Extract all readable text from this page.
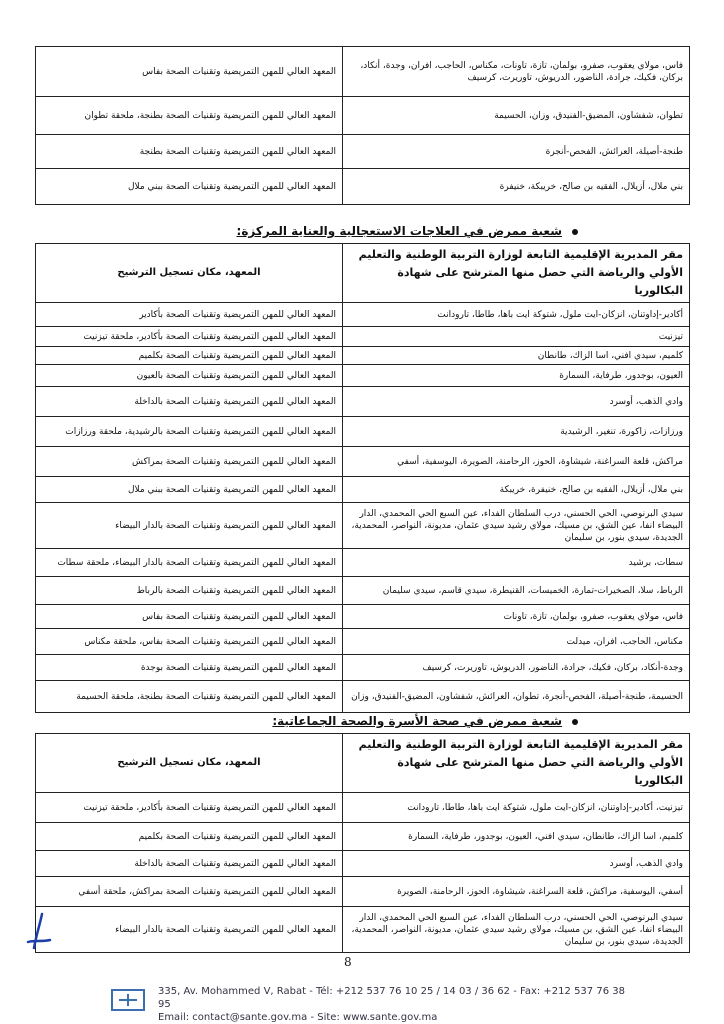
فاس، مولاي يعقوب، صفرو، بولمان، تازة، تاونات، مكناس، الحاجب، افران، وجدة، أنكاد، بركان، فكيك، جرادة، الناضور، الدريوش، تاوريرت، كرسيف	المعهد العالي للمهن التمريضية وتقنيات الصحة بفاس
تطوان، شفشاون، المضيق-الفنيدق، وزان، الحسيمة	المعهد العالي للمهن التمريضية وتقنيات الصحة بطنجة، ملحقة تطوان
طنجة-أصيلة، العرائش، الفحص-أنجرة	المعهد العالي للمهن التمريضية وتقنيات الصحة بطنجة
بني ملال، أزيلال، الفقيه بن صالح، خريبكة، خنيفرة	المعهد العالي للمهن التمريضية وتقنيات الصحة ببني ملال
شعبة ممرض في العلاجات الاستعجالية والعناية المركزة:
مقر المديرية الإقليمية التابعة لوزارة التربية الوطنية والتعليم الأولي والرياضة التي حصل منها المترشح على شهادة البكالوريا	المعهد، مكان تسجيل الترشيح
أكادير-إداوتنان، انزكان-ايت ملول، شتوكة ايت باها، طاطا، تارودانت	المعهد العالي للمهن التمريضية وتقنيات الصحة بأكادير
تيزنيت	المعهد العالي للمهن التمريضية وتقنيات الصحة بأكادير، ملحقة تيزنيت
كلميم، سيدي افني، اسا الزاك، طانطان	المعهد العالي للمهن التمريضية وتقنيات الصحة بكلميم
العيون، بوجدور، طرفاية، السمارة	المعهد العالي للمهن التمريضية وتقنيات الصحة بالعيون
وادي الذهب، أوسرد	المعهد العالي للمهن التمريضية وتقنيات الصحة بالداخلة
ورزازات، زاكورة، تنغير، الرشيدية	المعهد العالي للمهن التمريضية وتقنيات الصحة بالرشيدية، ملحقة ورزازات
مراكش، قلعة السراغنة، شيشاوة، الحوز، الرحامنة، الصويرة، اليوسفية، أسفي	المعهد العالي للمهن التمريضية وتقنيات الصحة بمراكش
بني ملال، أزيلال، الفقيه بن صالح، خنيفرة، خريبكة	المعهد العالي للمهن التمريضية وتقنيات الصحة ببني ملال
سيدي البرنوصي، الحي الحسني، درب السلطان الفداء، عين السبع الحي المحمدي، الدار البيضاء انفا، عين الشق، بن مسيك، مولاي رشيد سيدي عثمان، مديونة، النواصر، المحمدية، الجديدة، سيدي بنور، بن سليمان	المعهد العالي للمهن التمريضية وتقنيات الصحة بالدار البيضاء
سطات، برشيد	المعهد العالي للمهن التمريضية وتقنيات الصحة بالدار البيضاء، ملحقة سطات
الرباط، سلا، الصخيرات-تمارة، الخميسات، القنيطرة، سيدي قاسم، سيدي سليمان	المعهد العالي للمهن التمريضية وتقنيات الصحة بالرباط
فاس، مولاي يعقوب، صفرو، بولمان، تازة، تاونات	المعهد العالي للمهن التمريضية وتقنيات الصحة بفاس
مكناس، الحاجب، افران، ميدلت	المعهد العالي للمهن التمريضية وتقنيات الصحة بفاس، ملحقة مكناس
وجدة-أنكاد، بركان، فكيك، جرادة، الناضور، الدريوش، تاوريرت، كرسيف	المعهد العالي للمهن التمريضية وتقنيات الصحة بوجدة
الحسيمة، طنجة-أصيلة، الفحص-أنجرة، تطوان، العرائش، شفشاون، المضيق-الفنيدق، وزان	المعهد العالي للمهن التمريضية وتقنيات الصحة بطنجة، ملحقة الحسيمة
شعبة ممرض في صحة الأسرة والصحة الجماعاتية:
مقر المديرية الإقليمية التابعة لوزارة التربية الوطنية والتعليم الأولي والرياضة التي حصل منها المترشح على شهادة البكالوريا	المعهد، مكان تسجيل الترشيح
تيزنيت، أكادير-إداوتنان، انزكان-ايت ملول، شتوكة ايت باها، طاطا، تارودانت	المعهد العالي للمهن التمريضية وتقنيات الصحة بأكادير، ملحقة تيزنيت
كلميم، اسا الزاك، طانطان، سيدي افني، العيون، بوجدور، طرفاية، السمارة	المعهد العالي للمهن التمريضية وتقنيات الصحة بكلميم
وادي الذهب، أوسرد	المعهد العالي للمهن التمريضية وتقنيات الصحة بالداخلة
أسفي، اليوسفية، مراكش، قلعة السراغنة، شيشاوة، الحوز، الرحامنة، الصويرة	المعهد العالي للمهن التمريضية وتقنيات الصحة بمراكش، ملحقة أسفي
سيدي البرنوصي، الحي الحسني، درب السلطان الفداء، عين السبع الحي المحمدي، الدار البيضاء انفا، عين الشق، بن مسيك، مولاي رشيد سيدي عثمان، مديونة، النواصر، المحمدية، الجديدة، سيدي بنور، بن سليمان	المعهد العالي للمهن التمريضية وتقنيات الصحة بالدار البيضاء
8
335, Av. Mohammed V, Rabat - Tél: +212 537 76 10 25 / 14 03 / 36 62 - Fax: +212 537 76 38 95
Email: contact@sante.gov.ma - Site: www.sante.gov.ma
